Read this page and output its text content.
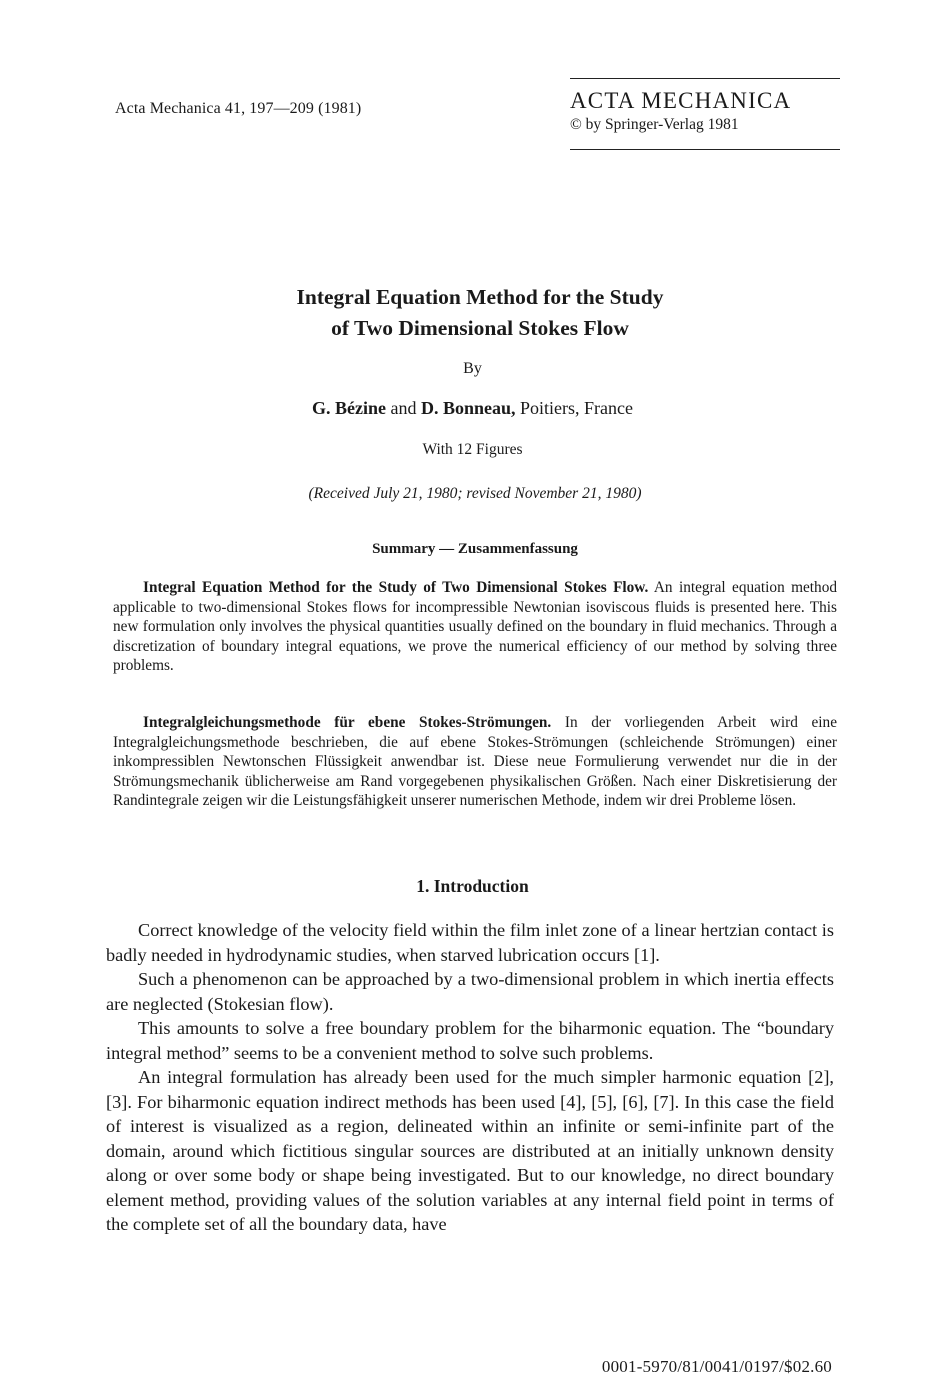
Acta Mechanica 41, 197—209 (1981)	ACTA MECHANICA
© by Springer-Verlag 1981
Integral Equation Method for the Study
of Two Dimensional Stokes Flow
By
G. Bézine and D. Bonneau, Poitiers, France
With 12 Figures
(Received July 21, 1980; revised November 21, 1980)
Summary — Zusammenfassung

Integral Equation Method for the Study of Two Dimensional Stokes Flow. An integral equation method applicable to two-dimensional Stokes flows for incompressible Newtonian isoviscous fluids is presented here. This new formulation only involves the physical quantities usually defined on the boundary in fluid mechanics. Through a discretization of boundary integral equations, we prove the numerical efficiency of our method by solving three problems.

Integralgleichungsmethode für ebene Stokes-Strömungen. In der vorliegenden Arbeit wird eine Integralgleichungsmethode beschrieben, die auf ebene Stokes-Strömungen (schleichende Strömungen) einer inkompressiblen Newtonschen Flüssigkeit anwendbar ist. Diese neue Formulierung verwendet nur die in der Strömungsmechanik üblicherweise am Rand vorgegebenen physikalischen Größen. Nach einer Diskretisierung der Randintegrale zeigen wir die Leistungsfähigkeit unserer numerischen Methode, indem wir drei Probleme lösen.

1. Introduction

Correct knowledge of the velocity field within the film inlet zone of a linear hertzian contact is badly needed in hydrodynamic studies, when starved lubrication occurs [1].

Such a phenomenon can be approached by a two-dimensional problem in which inertia effects are neglected (Stokesian flow).

This amounts to solve a free boundary problem for the biharmonic equation. The “boundary integral method” seems to be a convenient method to solve such problems.

An integral formulation has already been used for the much simpler harmonic equation [2], [3]. For biharmonic equation indirect methods has been used [4], [5], [6], [7]. In this case the field of interest is visualized as a region, delineated within an infinite or semi-infinite part of the domain, around which fictitious singular sources are distributed at an initially unknown density along or over some body or shape being investigated. But to our knowledge, no direct boundary element method, providing values of the solution variables at any internal field point in terms of the complete set of all the boundary data, have

0001-5970/81/0041/0197/$02.60
